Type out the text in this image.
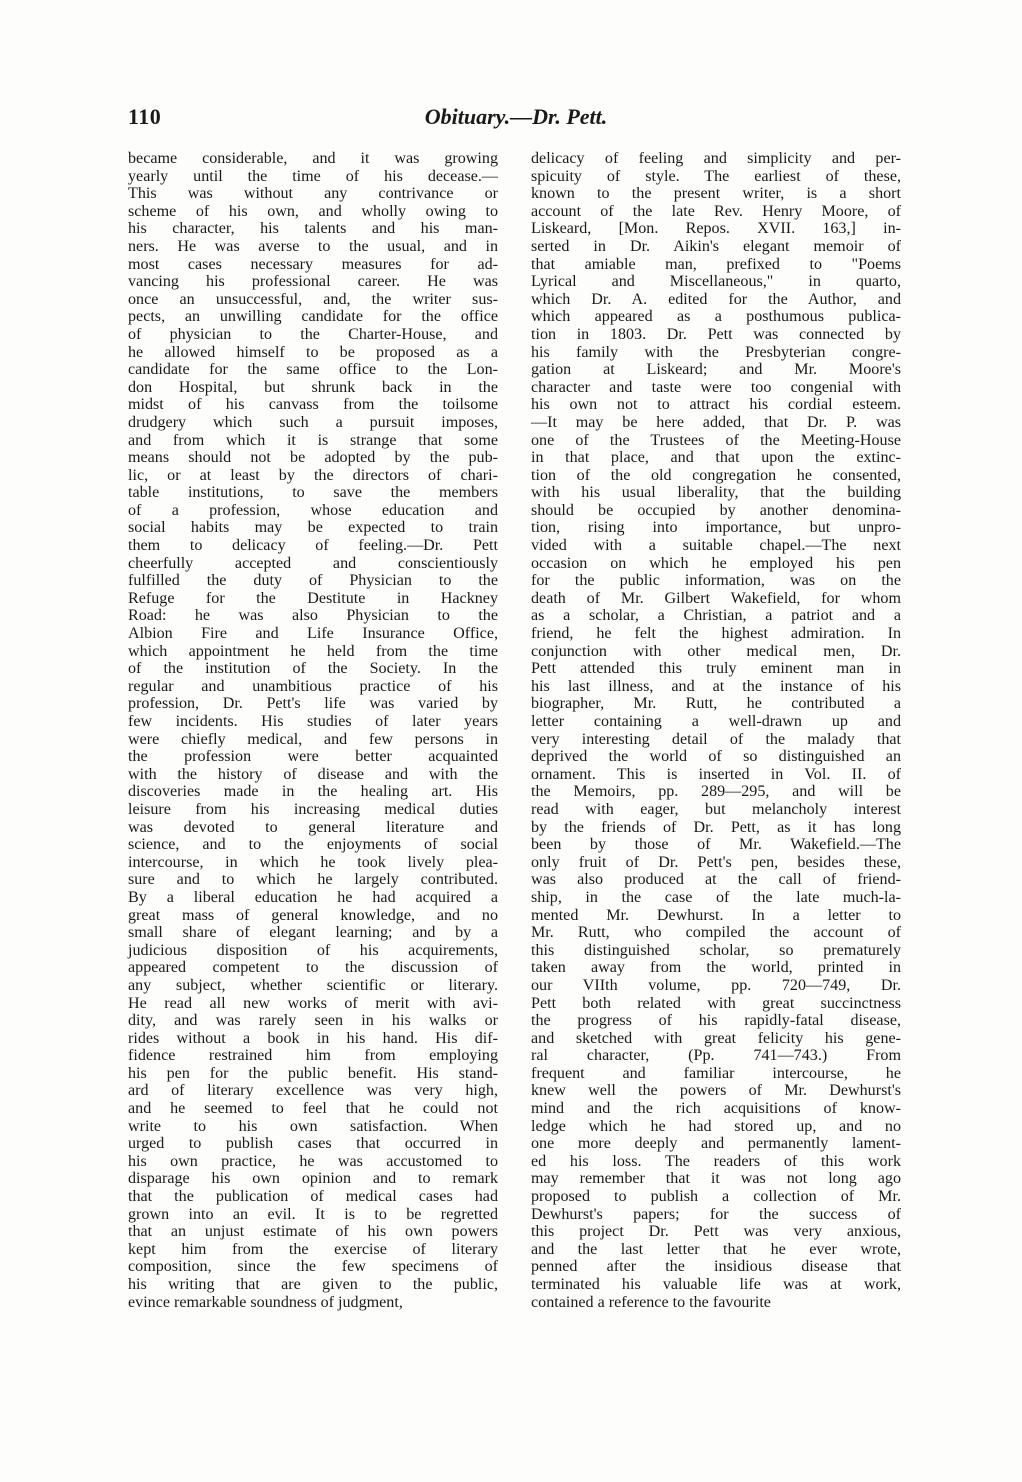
110	Obituary.—Dr. Pett.
became considerable, and it was growing
yearly until the time of his decease.—
This was without any contrivance or
scheme of his own, and wholly owing to
his character, his talents and his man-
ners. He was averse to the usual, and in
most cases necessary measures for ad-
vancing his professional career. He was
once an unsuccessful, and, the writer sus-
pects, an unwilling candidate for the office
of physician to the Charter-House, and
he allowed himself to be proposed as a
candidate for the same office to the Lon-
don Hospital, but shrunk back in the
midst of his canvass from the toilsome
drudgery which such a pursuit imposes,
and from which it is strange that some
means should not be adopted by the pub-
lic, or at least by the directors of chari-
table institutions, to save the members
of a profession, whose education and
social habits may be expected to train
them to delicacy of feeling.—Dr. Pett
cheerfully accepted and conscientiously
fulfilled the duty of Physician to the
Refuge for the Destitute in Hackney
Road: he was also Physician to the
Albion Fire and Life Insurance Office,
which appointment he held from the time
of the institution of the Society. In the
regular and unambitious practice of his
profession, Dr. Pett's life was varied by
few incidents. His studies of later years
were chiefly medical, and few persons in
the profession were better acquainted
with the history of disease and with the
discoveries made in the healing art. His
leisure from his increasing medical duties
was devoted to general literature and
science, and to the enjoyments of social
intercourse, in which he took lively plea-
sure and to which he largely contributed.
By a liberal education he had acquired a
great mass of general knowledge, and no
small share of elegant learning; and by a
judicious disposition of his acquirements,
appeared competent to the discussion of
any subject, whether scientific or literary.
He read all new works of merit with avi-
dity, and was rarely seen in his walks or
rides without a book in his hand. His dif-
fidence restrained him from employing
his pen for the public benefit. His stand-
ard of literary excellence was very high,
and he seemed to feel that he could not
write to his own satisfaction. When
urged to publish cases that occurred in
his own practice, he was accustomed to
disparage his own opinion and to remark
that the publication of medical cases had
grown into an evil. It is to be regretted
that an unjust estimate of his own powers
kept him from the exercise of literary
composition, since the few specimens of
his writing that are given to the public,
evince remarkable soundness of judgment,
delicacy of feeling and simplicity and per-
spicuity of style. The earliest of these,
known to the present writer, is a short
account of the late Rev. Henry Moore, of
Liskeard, [Mon. Repos. XVII. 163,] in-
serted in Dr. Aikin's elegant memoir of
that amiable man, prefixed to "Poems
Lyrical and Miscellaneous," in quarto,
which Dr. A. edited for the Author, and
which appeared as a posthumous publica-
tion in 1803. Dr. Pett was connected by
his family with the Presbyterian congre-
gation at Liskeard; and Mr. Moore's
character and taste were too congenial with
his own not to attract his cordial esteem.
—It may be here added, that Dr. P. was
one of the Trustees of the Meeting-House
in that place, and that upon the extinc-
tion of the old congregation he consented,
with his usual liberality, that the building
should be occupied by another denomina-
tion, rising into importance, but unpro-
vided with a suitable chapel.—The next
occasion on which he employed his pen
for the public information, was on the
death of Mr. Gilbert Wakefield, for whom
as a scholar, a Christian, a patriot and a
friend, he felt the highest admiration. In
conjunction with other medical men, Dr.
Pett attended this truly eminent man in
his last illness, and at the instance of his
biographer, Mr. Rutt, he contributed a
letter containing a well-drawn up and
very interesting detail of the malady that
deprived the world of so distinguished an
ornament. This is inserted in Vol. II. of
the Memoirs, pp. 289—295, and will be
read with eager, but melancholy interest
by the friends of Dr. Pett, as it has long
been by those of Mr. Wakefield.—The
only fruit of Dr. Pett's pen, besides these,
was also produced at the call of friend-
ship, in the case of the late much-la-
mented Mr. Dewhurst. In a letter to
Mr. Rutt, who compiled the account of
this distinguished scholar, so prematurely
taken away from the world, printed in
our VIIth volume, pp. 720—749, Dr.
Pett both related with great succinctness
the progress of his rapidly-fatal disease,
and sketched with great felicity his gene-
ral character, (Pp. 741—743.) From
frequent and familiar intercourse, he
knew well the powers of Mr. Dewhurst's
mind and the rich acquisitions of know-
ledge which he had stored up, and no
one more deeply and permanently lament-
ed his loss. The readers of this work
may remember that it was not long ago
proposed to publish a collection of Mr.
Dewhurst's papers; for the success of
this project Dr. Pett was very anxious,
and the last letter that he ever wrote,
penned after the insidious disease that
terminated his valuable life was at work,
contained a reference to the favourite
